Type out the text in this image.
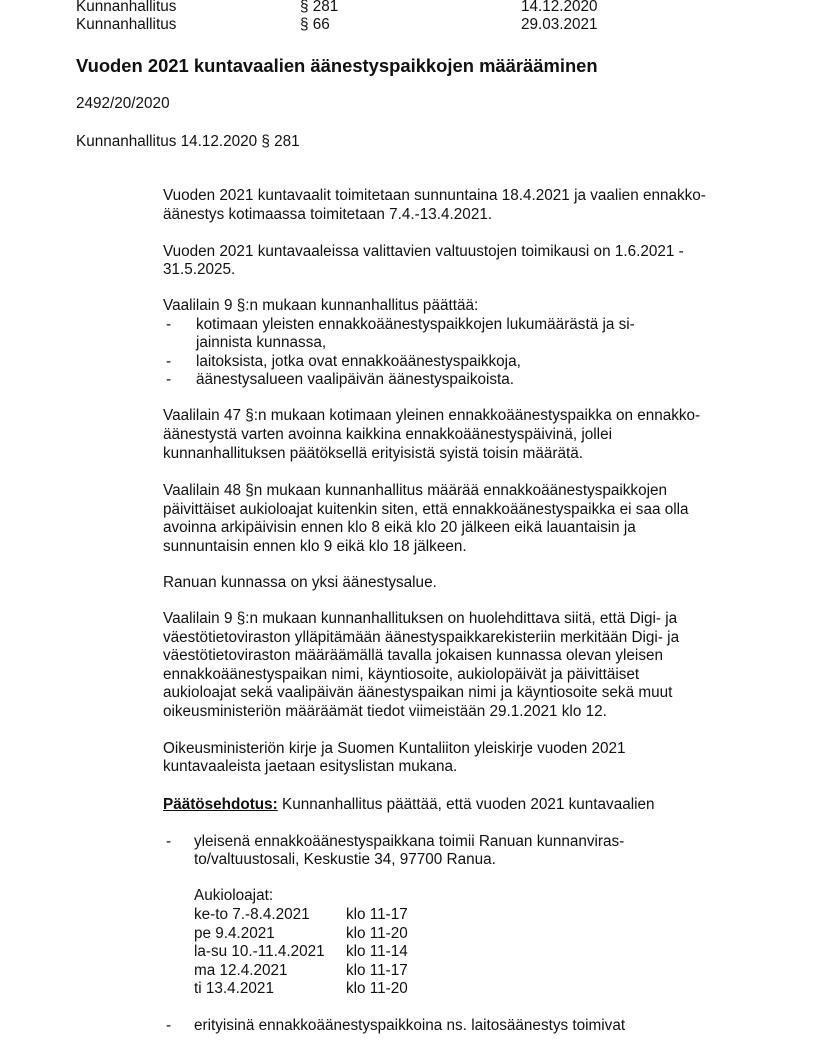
Kunnanhallitus	§ 281	14.12.2020
Kunnanhallitus	§ 66	29.03.2021
Vuoden 2021 kuntavaalien äänestyspaikkojen määrääminen
2492/20/2020
Kunnanhallitus 14.12.2020 § 281
Vuoden 2021 kuntavaalit toimitetaan sunnuntaina 18.4.2021 ja vaalien ennakko-
äänestys kotimaassa toimitetaan 7.4.-13.4.2021.
Vuoden 2021 kuntavaaleissa valittavien valtuustojen toimikausi on 1.6.2021 -
31.5.2025.
Vaalilain 9 §:n mukaan kunnanhallitus päättää:
- kotimaan yleisten ennakkoäänestyspaikkojen lukumäärästä ja si-
jainnista kunnassa,
- laitoksista, jotka ovat ennakkoäänestyspaikkoja,
- äänestysalueen vaalipäivän äänestyspaikoista.
Vaalilain 47 §:n mukaan kotimaan yleinen ennakkoäänestyspaikka on ennakko-
äänestystä varten avoinna kaikkina ennakkoäänestyspäivinä, jollei
kunnanhallituksen päätöksellä erityisistä syistä toisin määrätä.
Vaalilain 48 §n mukaan kunnanhallitus määrää ennakkoäänestyspaikkojen
päivittäiset aukioloajat kuitenkin siten, että ennakkoäänestyspaikka ei saa olla
avoinna arkipäivisin ennen klo 8 eikä klo 20 jälkeen eikä lauantaisin ja
sunnuntaisin ennen klo 9 eikä klo 18 jälkeen.
Ranuan kunnassa on yksi äänestysalue.
Vaalilain 9 §:n mukaan kunnanhallituksen on huolehdittava siitä, että Digi- ja
väestötietoviraston ylläpitämään äänestyspaikkarekisteriin merkitään Digi- ja
väestötietoviraston määräämällä tavalla jokaisen kunnassa olevan yleisen
ennakkoäänestyspaikan nimi, käyntiosoite, aukiolopäivät ja päivittäiset
aukioloajat sekä vaalipäivän äänestyspaikan nimi ja käyntiosoite sekä muut
oikeusministeriön määräämät tiedot viimeistään 29.1.2021 klo 12.
Oikeusministeriön kirje ja Suomen Kuntaliiton yleiskirje vuoden 2021
kuntavaaleista jaetaan esityslistan mukana.
Päätösehdotus: Kunnanhallitus päättää, että vuoden 2021 kuntavaalien
- yleisenä ennakkoäänestyspaikkana toimii Ranuan kunnanviras-
to/valtuustosali, Keskustie 34, 97700 Ranua.
Aukioloajat:
ke-to 7.-8.4.2021 klo 11-17
pe 9.4.2021	klo 11-20
la-su 10.-11.4.2021 klo 11-14
ma 12.4.2021	klo 11-17
ti 13.4.2021	klo 11-20
- erityisinä ennakkoäänestyspaikkoina ns. laitosäänestys toimivat
